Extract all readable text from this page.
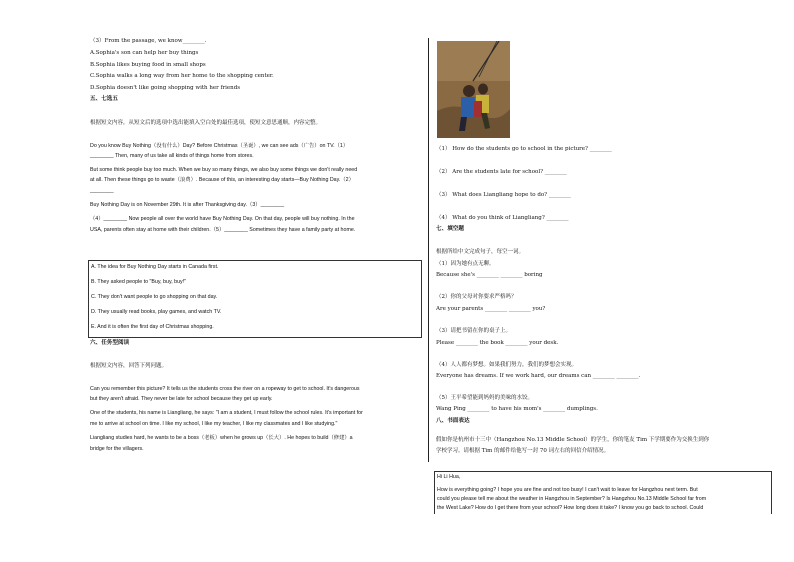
（3）From the passage, we know________.
A.Sophia's son can help her buy things
B.Sophia likes buying food in small shops
C.Sophia walks a long way from her home to the shopping center.
D.Sophia doesn't like going shopping with her friends
五、七选五
根据短文内容，从短文后的选项中选出能填入空白处的最佳选项，使短文意思通顺，内容完整。
Do you know Buy Nothing（没有什么）Day? Before Christmas（圣诞）, we can see ads（广告）on TV.（1）
________ Then, many of us take all kinds of things home from stores.
But some think people buy too much. When we buy so many things, we also buy some things we don't really need
at all. Then these things go to waste（浪费）. Because of this, an interesting day starts—Buy Nothing Day.（2）
________
Buy Nothing Day is on November 29th. It is after Thanksgiving day.（3）________
（4）________ Now people all over the world have Buy Nothing Day. On that day, people will buy nothing. In the
USA, parents often stay at home with their children.（5）________ Sometimes they have a family party at home.
A. The idea for Buy Nothing Day starts in Canada first.
B. They asked people to "Buy, buy, buy!"
C. They don't want people to go shopping on that day.
D. They usually read books, play games, and watch TV.
E. And it is often the first day of Christmas shopping.
六、任务型阅读
根据短文内容，回答下列问题。
Can you remember this picture? It tells us the students cross the river on a ropeway to get to school. It's dangerous
but they aren't afraid. They never be late for school because they get up early.
One of the students, his name is Liangliang, he says: "I am a student, I must follow the school rules. It's important for
me to arrive at school on time. I like my school, I like my teacher, I like my classmates and I like studying."
Liangliang studies hard, he wants to be a boss（老板）when he grows up（长大）. He hopes to build（修建）a
bridge for the villagers.
（1） How do the students go to school in the picture? ________
（2） Are the students late for school? ________
（3） What does Liangliang hope to do? ________
（4） What do you think of Liangliang? ________
七、填空题
根据所给中文完成句子，每空一词。
（1）因为她有点无聊。
Because she's ________ ________ boring
（2）你的父母对你要求严格吗？
Are your parents ________ ________ you?
（3）请把书留在你的桌子上。
Please ________ the book ________ your desk.
（4）人人都有梦想。如果我们努力，我们的梦想会实现。
Everyone has dreams. If we work hard, our dreams can ________ ________.
（5）王平希望能到妈妈的美味的水饺。
Wang Ping ________ to have his mom's ________ dumplings.
八、书面表达
假如你是杭州市十三中（Hangzhou No.13 Middle School）的学生，你的笔友 Tim 下学期要作为交换生到你
学校学习。请根据 Tim 的邮件给他写一封 70 词左右的回信介绍情况。
Hi Li Hua,
How is everything going? I hope you are fine and not too busy! I can't wait to leave for Hangzhou next term. But
could you please tell me about the weather in Hangzhou in September? Is Hangzhou No.13 Middle School far from
the West Lake? How do I get there from your school? How long does it take? I know you go back to school. Could
